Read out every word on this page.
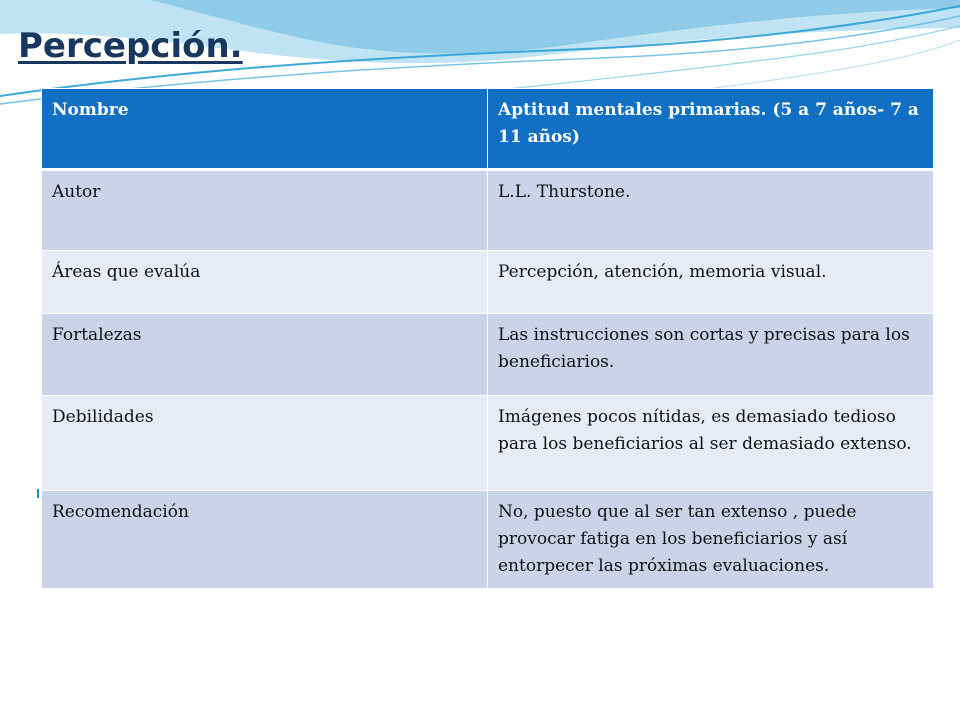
Percepción.
Nombre	Aptitud mentales primarias. (5 a 7 años- 7 a 11 años)
Autor	L.L. Thurstone.
Áreas que evalúa	Percepción, atención, memoria visual.
Fortalezas	Las instrucciones son cortas y precisas para los beneficiarios.
Debilidades	Imágenes pocos nítidas, es demasiado tedioso para los beneficiarios al ser demasiado extenso.
Recomendación	No, puesto que al ser tan extenso , puede provocar fatiga en los beneficiarios y así entorpecer las próximas evaluaciones.
